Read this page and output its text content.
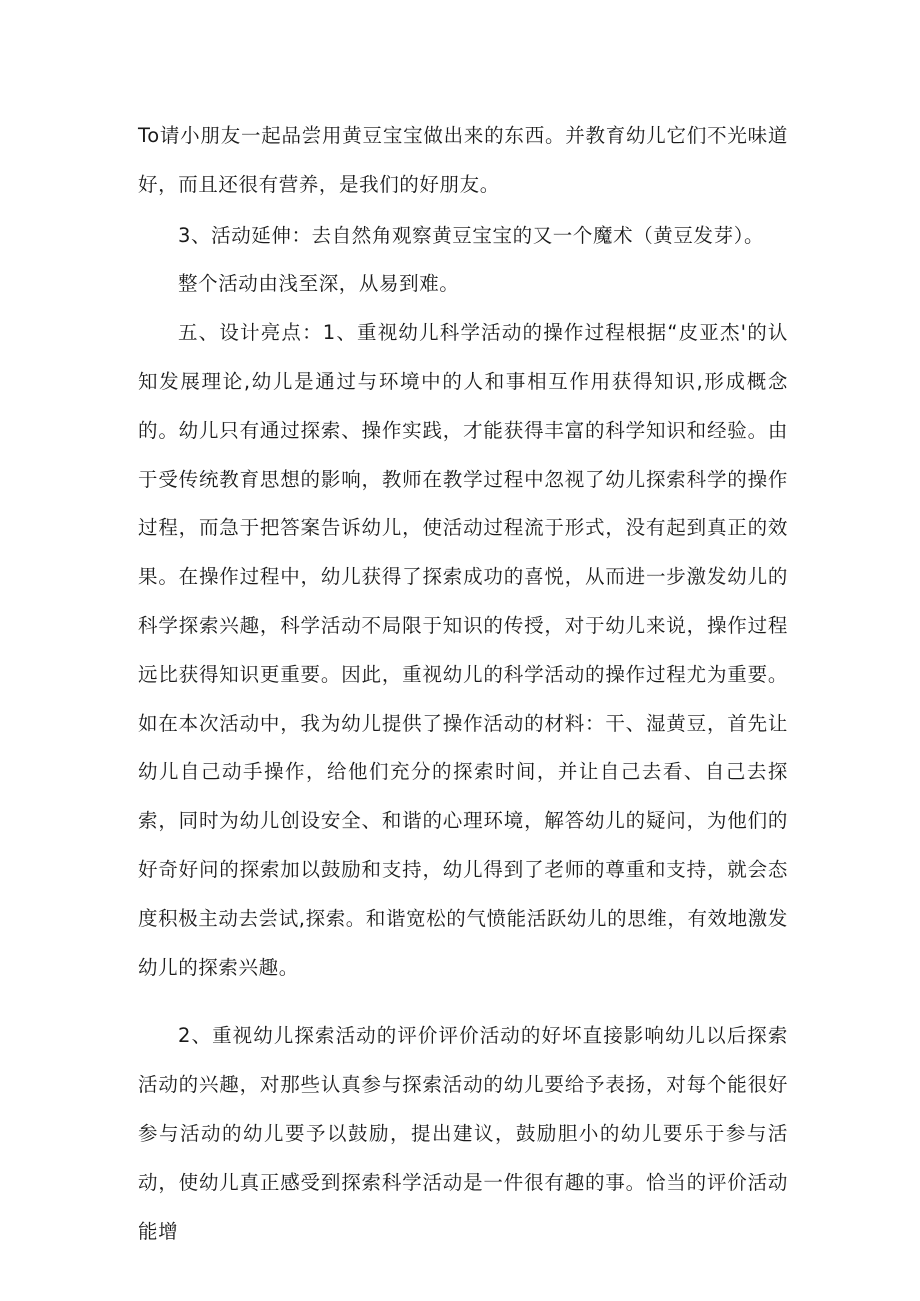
To请小朋友一起品尝用黄豆宝宝做出来的东西。并教育幼儿它们不光味道好，而且还很有营养，是我们的好朋友。

3、活动延伸：去自然角观察黄豆宝宝的又一个魔术（黄豆发芽）。

整个活动由浅至深，从易到难。

五、设计亮点：1、重视幼儿科学活动的操作过程根据“皮亚杰'的认知发展理论,幼儿是通过与环境中的人和事相互作用获得知识,形成概念的。幼儿只有通过探索、操作实践，才能获得丰富的科学知识和经验。由于受传统教育思想的影响，教师在教学过程中忽视了幼儿探索科学的操作过程，而急于把答案告诉幼儿，使活动过程流于形式，没有起到真正的效果。在操作过程中，幼儿获得了探索成功的喜悦，从而进一步激发幼儿的科学探索兴趣，科学活动不局限于知识的传授，对于幼儿来说，操作过程远比获得知识更重要。因此，重视幼儿的科学活动的操作过程尤为重要。如在本次活动中，我为幼儿提供了操作活动的材料：干、湿黄豆，首先让幼儿自己动手操作，给他们充分的探索时间，并让自己去看、自己去探索，同时为幼儿创设安全、和谐的心理环境，解答幼儿的疑问，为他们的好奇好问的探索加以鼓励和支持，幼儿得到了老师的尊重和支持，就会态度积极主动去尝试,探索。和谐宽松的气愤能活跃幼儿的思维，有效地激发幼儿的探索兴趣。

2、重视幼儿探索活动的评价评价活动的好坏直接影响幼儿以后探索活动的兴趣，对那些认真参与探索活动的幼儿要给予表扬，对每个能很好参与活动的幼儿要予以鼓励，提出建议，鼓励胆小的幼儿要乐于参与活动，使幼儿真正感受到探索科学活动是一件很有趣的事。恰当的评价活动能增
